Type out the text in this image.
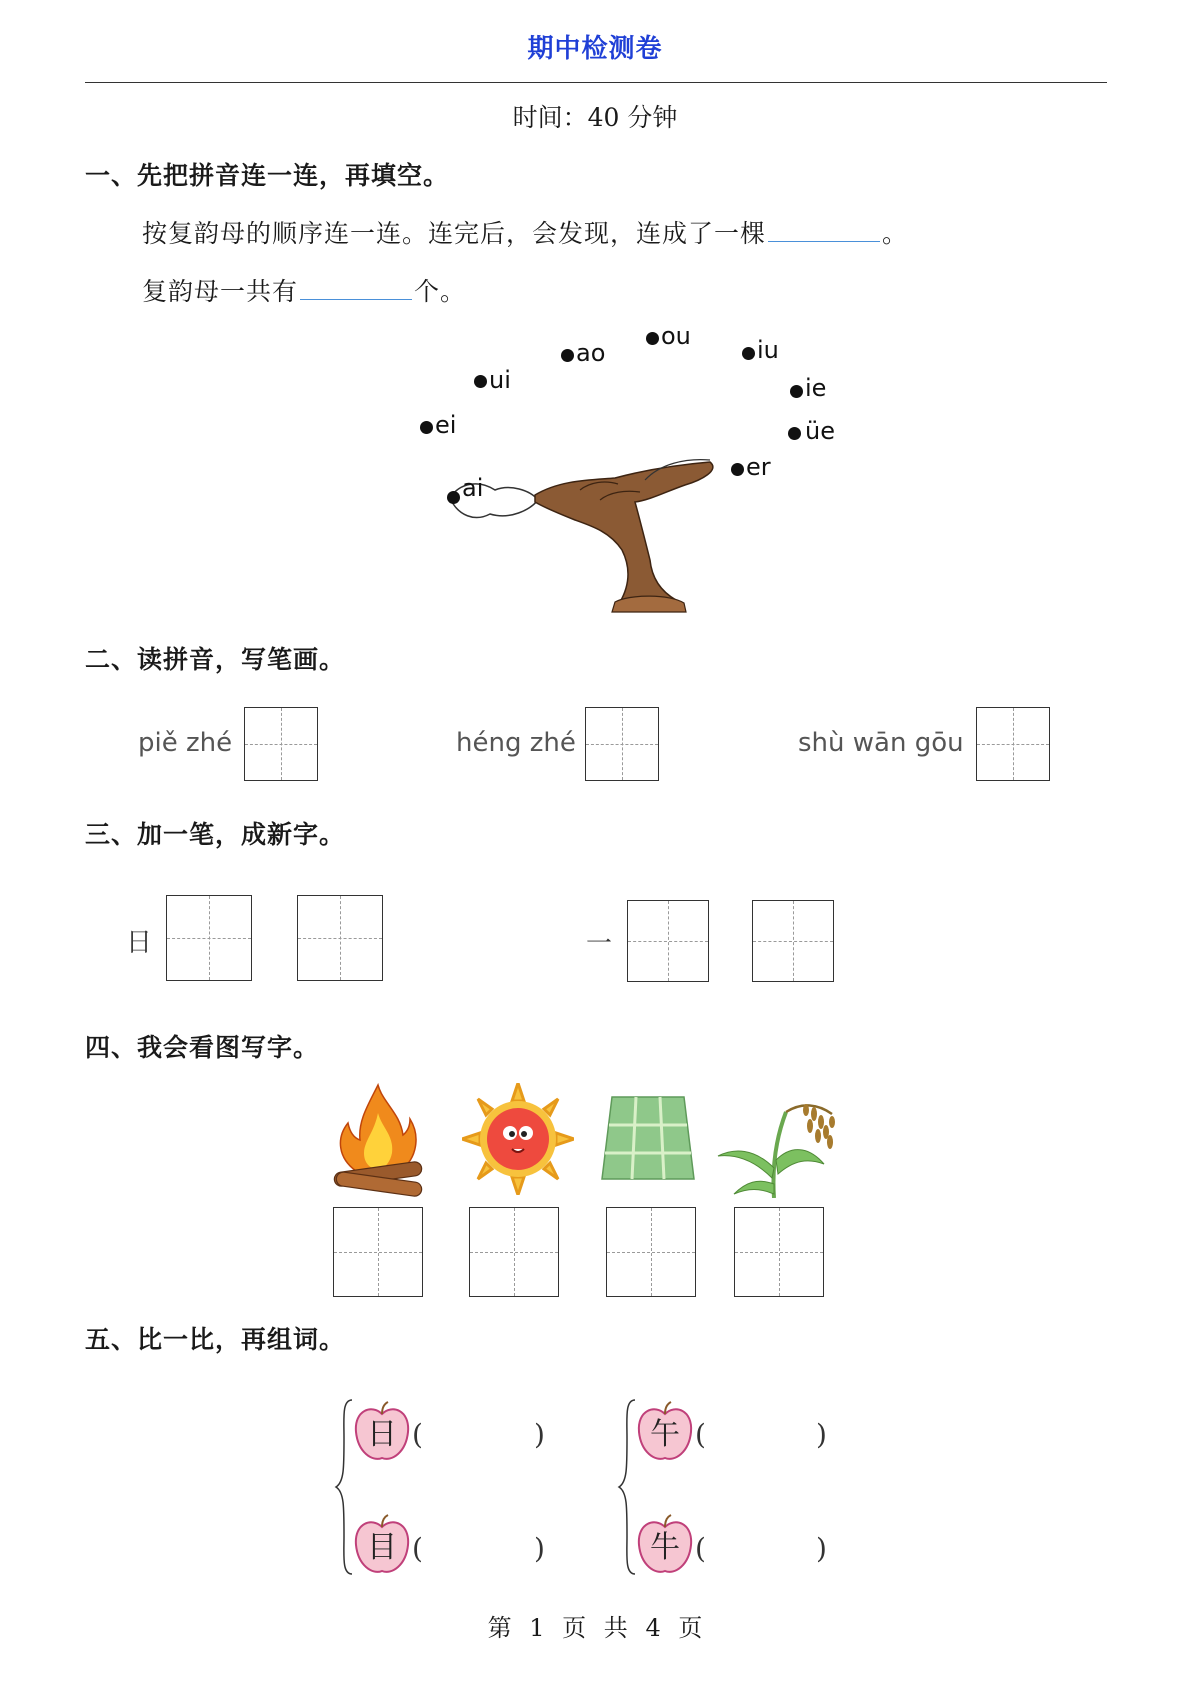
期中检测卷
时间：40 分钟
一、先把拼音连一连，再填空。
按复韵母的顺序连一连。连完后，会发现，连成了一棵	。
复韵母一共有	个。
ao
ou	iu
ui	ie
ei	üe
er
ai
二、读拼音，写笔画。
piě zhé	héng zhé	shù wān gōu
三、加一笔，成新字。
日	一
四、我会看图写字。
五、比一比，再组词。
日 (	)
目 (	)
午 (	)
牛 (	)
第 1 页 共 4 页
